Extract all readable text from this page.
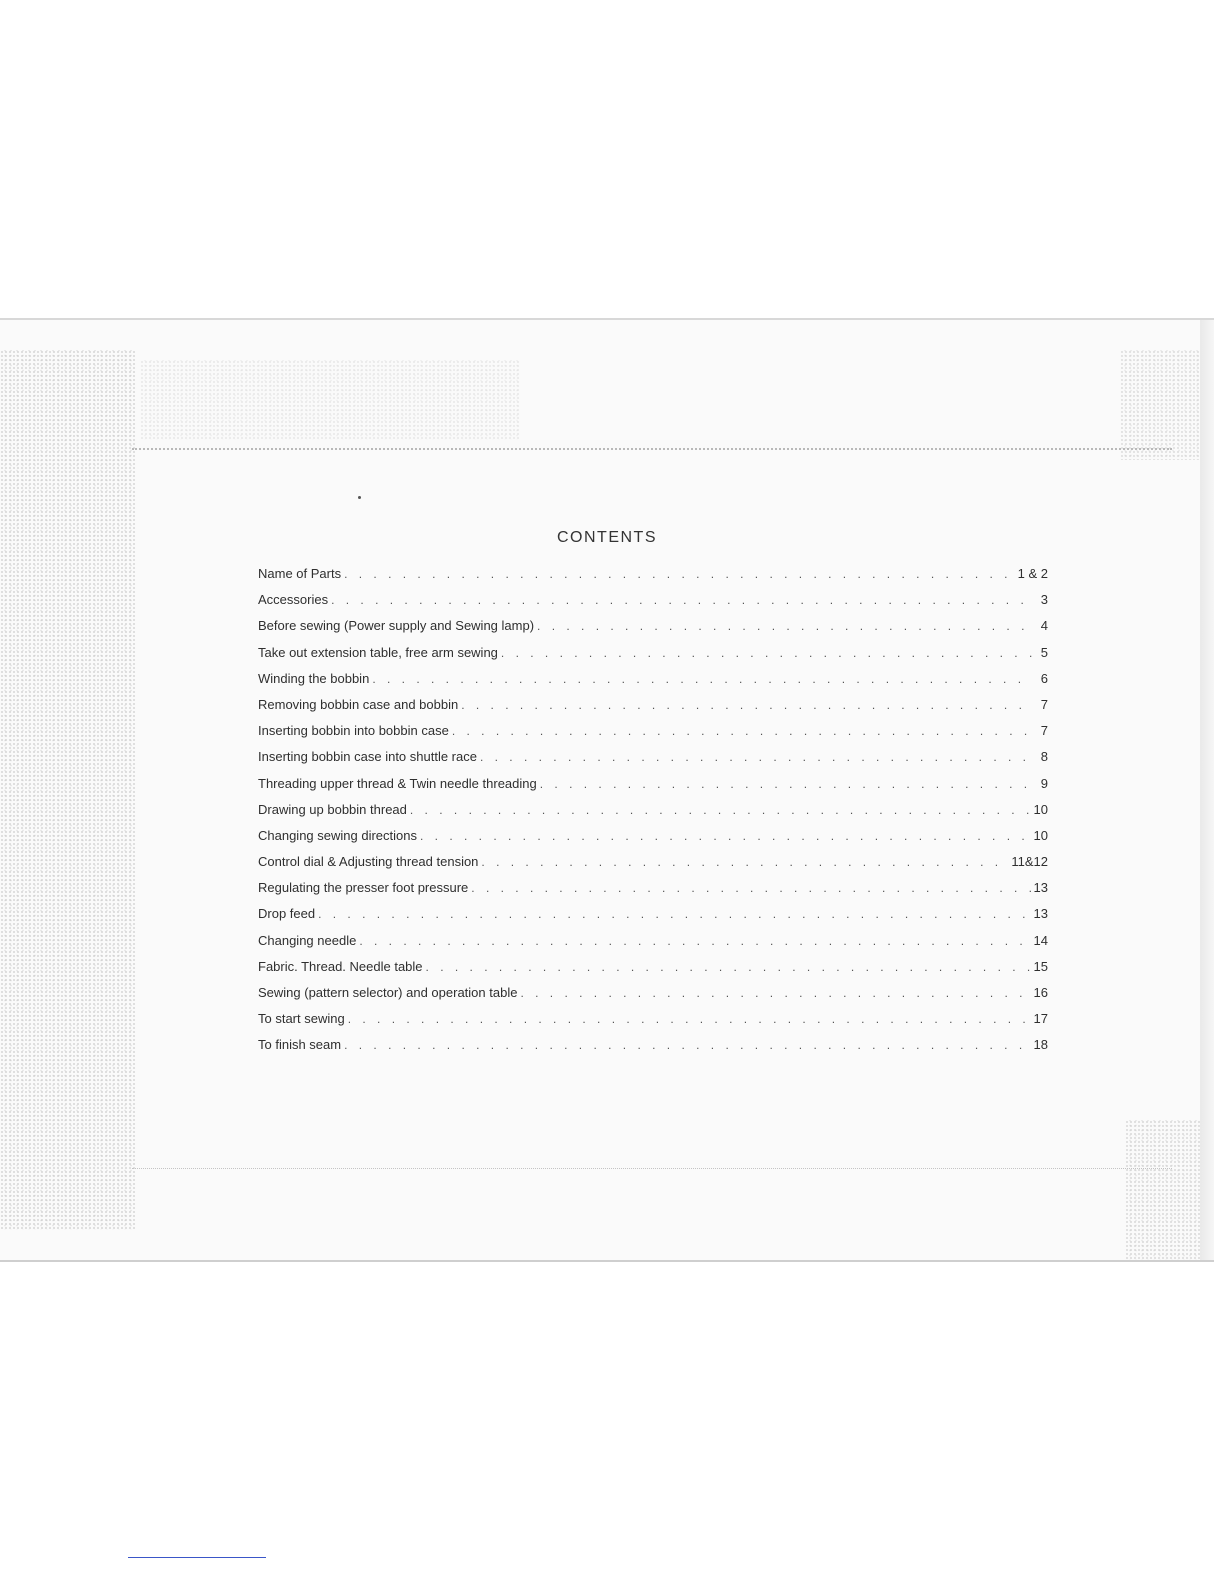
CONTENTS
Name of Parts . . .	1 & 2
Accessories . . .	3
Before sewing (Power supply and Sewing lamp) . . .	4
Take out extension table, free arm sewing . . .	5
Winding the bobbin . . .	6
Removing bobbin case and bobbin . . .	7
Inserting bobbin into bobbin case . . .	7
Inserting bobbin case into shuttle race . . .	8
Threading upper thread & Twin needle threading . . .	9
Drawing up bobbin thread . . .	10
Changing sewing directions . . .	10
Control dial & Adjusting thread tension . . .	11&12
Regulating the presser foot pressure . . .	13
Drop feed . . .	13
Changing needle . . .	14
Fabric. Thread. Needle table . . .	15
Sewing (pattern selector) and operation table . . .	16
To start sewing . . .	17
To finish seam . . .	18
